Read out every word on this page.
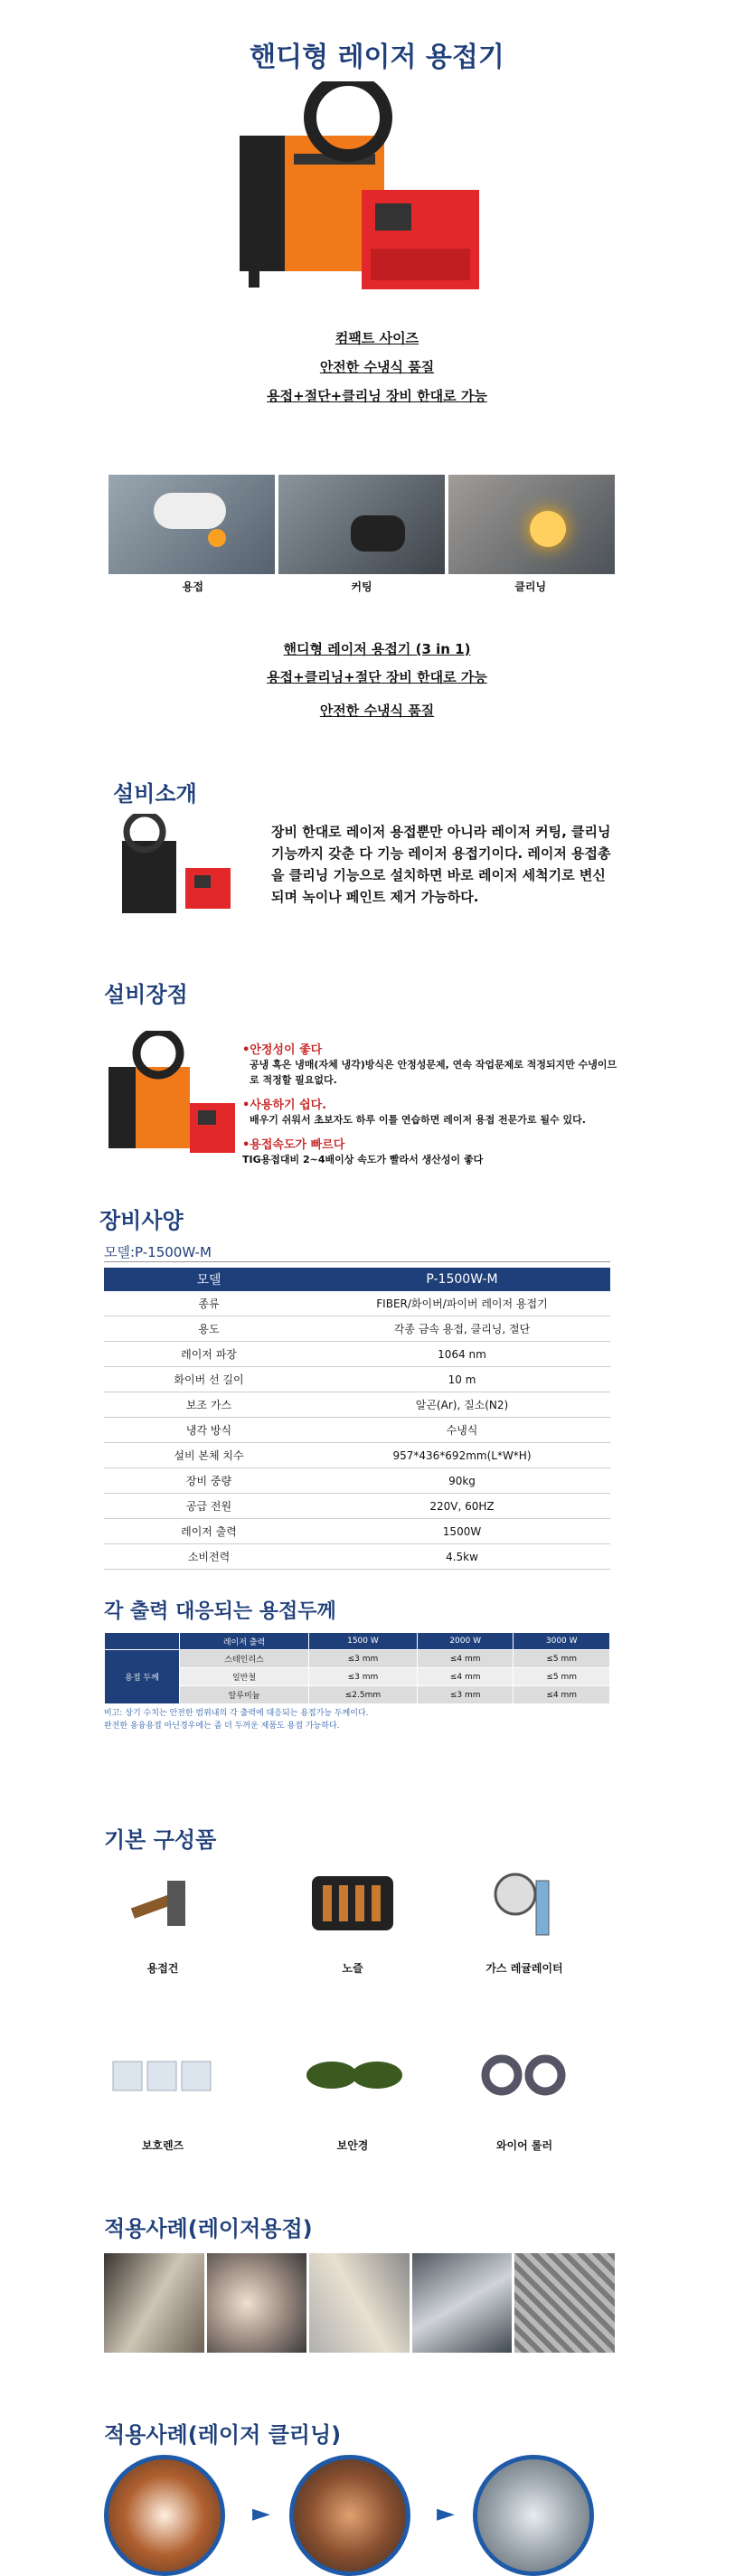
핸디형 레이저 용접기
컴팩트 사이즈
안전한 수냉식 품질
용접+절단+클리닝 장비 한대로 가능
용접	커팅	클리닝
핸디형 레이저 용접기 (3 in 1)
용접+클리닝+절단 장비 한대로 가능
안전한 수냉식 품질
설비소개
장비 한대로 레이저 용접뿐만 아니라 레이저 커팅, 클리닝 기능까지 갖춘 다 기능 레이저 용접기이다. 레이저 용접총을 클리닝 기능으로 설치하면 바로 레이저 세척기로 변신되며 녹이나 페인트 제거 가능하다.
설비장점
•안정성이 좋다
공냉 혹은 냉매(자체 냉각)방식은 안정성문제, 연속 작업문제로 적정되지만 수냉이므로 적정할 필요없다.
•사용하기 쉽다.
배우기 쉬워서 초보자도 하루 이틀 연습하면 레이저 용접 전문가로 될수 있다.
•용접속도가 빠르다
TIG용접대비 2~4배이상 속도가 빨라서 생산성이 좋다
장비사양
모델:P-1500W-M
모델	P-1500W-M
종류	FIBER/화이버/파이버 레이저 용접기
용도	각종 금속 용접, 클리닝, 절단
레이저 파장	1064 nm
화이버 선 길이	10 m
보조 가스	알곤(Ar), 질소(N2)
냉각 방식	수냉식
설비 본체 치수	957*436*692mm(L*W*H)
장비 중량	90kg
공급 전원	220V, 60HZ
레이저 출력	1500W
소비전력	4.5kw
각 출력 대응되는 용접두께
	레이저 출력	1500 W	2000 W	3000 W
용접 두께	스테인리스	≤3 mm	≤4 mm	≤5 mm
	일반철	≤3 mm	≤4 mm	≤5 mm
	알루미늄	≤2.5mm	≤3 mm	≤4 mm
비고: 상기 수치는 안전한 범위내의 각 출력에 대응되는 용접가능 두께이다.
완전한 용융용접 아닌경우에는 좀 더 두꺼운 제품도 용접 가능하다.
기본 구성품
용접건	노즐	가스 레귤레이터
보호렌즈	보안경	와이어 롤러
적용사례(레이저용접)
적용사례(레이저 클리닝)
►	►
